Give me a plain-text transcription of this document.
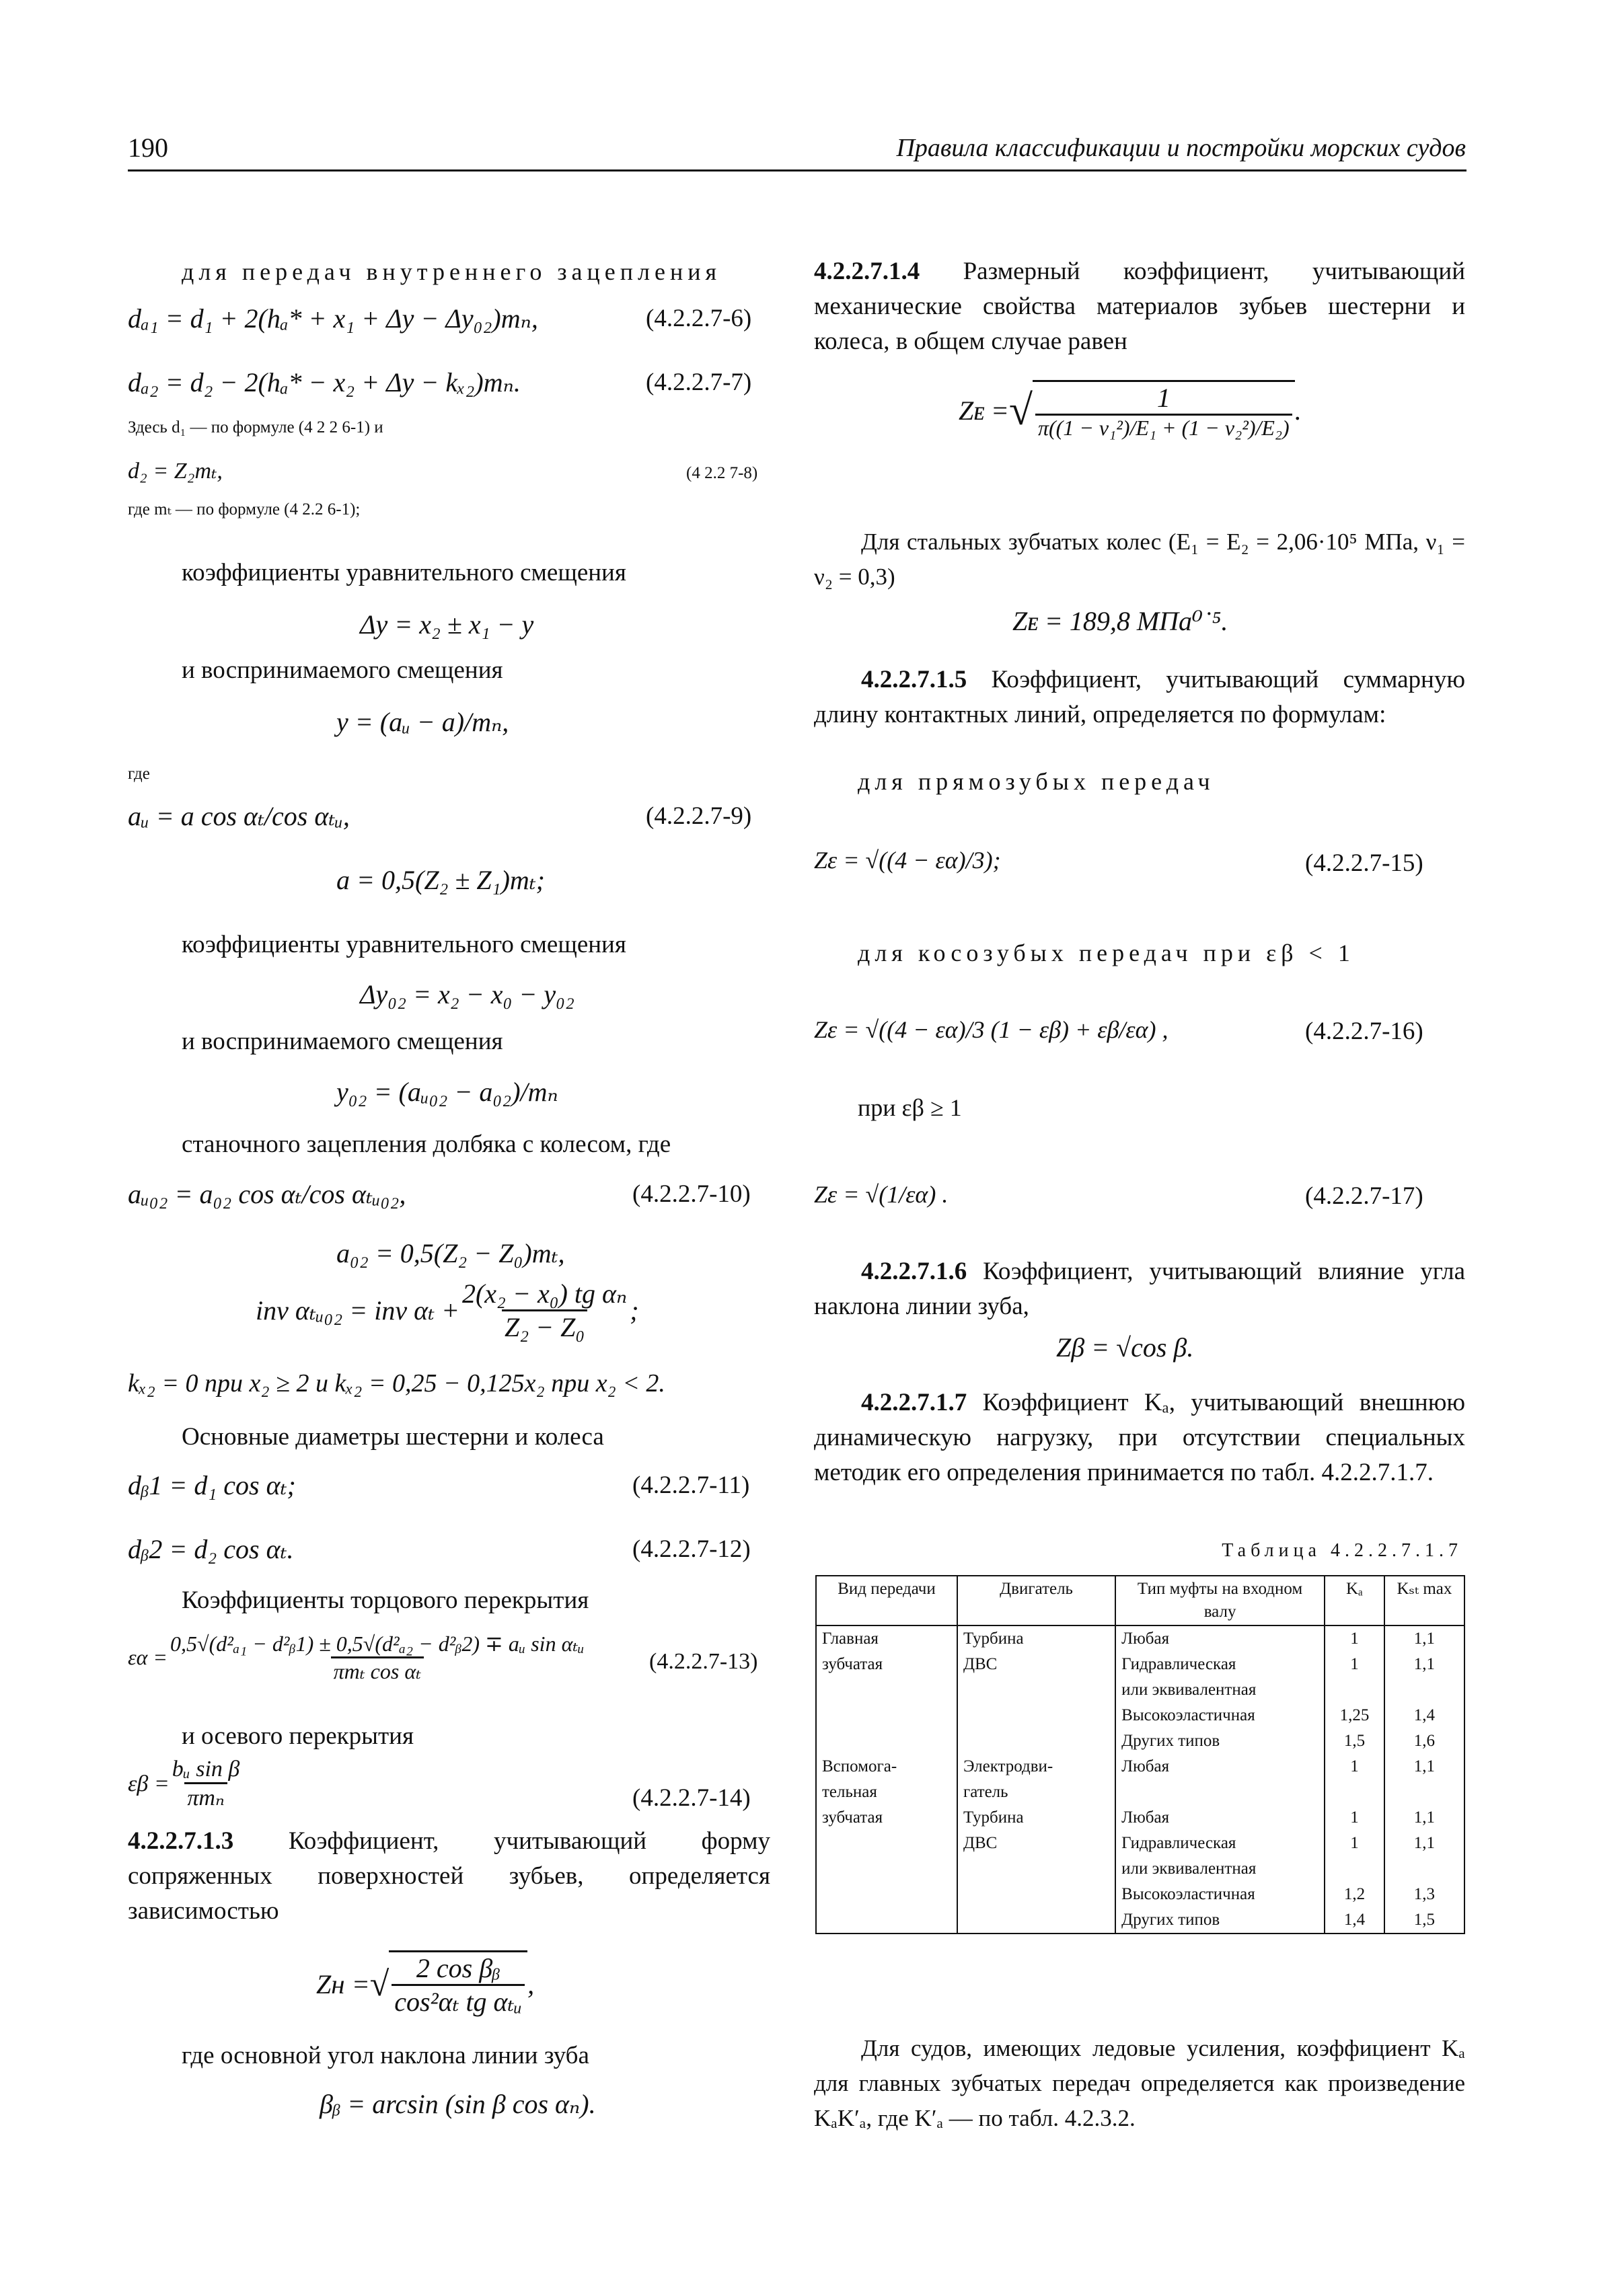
190	Правила классификации и постройки морских судов
для передач внутреннего зацепления
dₐ₁ = d₁ + 2(hₐ* + x₁ + Δy − Δy₀₂)mₙ,	(4.2.2.7-6)
dₐ₂ = d₂ − 2(hₐ* − x₂ + Δy − kₓ₂)mₙ.	(4.2.2.7-7)
Здесь d₁ — по формуле (4 2 2 6-1) и
d₂ = Z₂mₜ,	(4 2.2 7-8)
где mₜ — по формуле (4 2.2 6-1);
коэффициенты уравнительного смещения
Δy = x₂ ± x₁ − y
и воспринимаемого смещения
y = (aᵤ − a)/mₙ,
где
aᵤ = a cos αₜ/cos αₜᵤ,	(4.2.2.7-9)
a = 0,5(Z₂ ± Z₁)mₜ;
коэффициенты уравнительного смещения
Δy₀₂ = x₂ − x₀ − y₀₂
и воспринимаемого смещения
y₀₂ = (aᵤ₀₂ − a₀₂)/mₙ
станочного зацепления долбяка с колесом, где
aᵤ₀₂ = a₀₂ cos αₜ/cos αₜᵤ₀₂,	(4.2.2.7-10)
a₀₂ = 0,5(Z₂ − Z₀)mₜ,
inv αₜᵤ₀₂ = inv $\alpha_t + \frac{\text{2(x₂ − x₀) tg αₙ}}{\text{Z₂ − Z₀}}$ ;
kₓ₂ = 0 при x₂ ≥ 2 и kₓ₂ = 0,25 − 0,125x₂ при x₂ < 2.
Основные диаметры шестерни и колеса
dᵦ1 = d₁ cos αₜ;	(4.2.2.7-11)
dᵦ2 = d₂ cos αₜ.	(4.2.2.7-12)
Коэффициенты торцового перекрытия
$\varepsilon\alpha = \frac{\text{0,5√(d²ₐ₁ − d²ᵦ1) ± 0,5√(d²ₐ₂ − d²ᵦ2) ∓ aᵤ sin αₜᵤ}}{\text{πmₜ cos αₜ}}$	(4.2.2.7-13)
и осевого перекрытия
$\varepsilon\beta = \frac{\text{bᵤ sin β}}{\text{πmₙ}}$	(4.2.2.7-14)
4.2.2.7.1.3 Коэффициент, учитывающий форму сопряженных поверхностей зубьев, определяется зависимостью
Zʜ = √ $\frac{\text{2 cos βᵦ}}{\text{cos²αₜ tg αₜᵤ}}$ ,
где основной угол наклона линии зуба
βᵦ = arcsin (sin β cos αₙ).
4.2.2.7.1.4 Размерный коэффициент, учитывающий механические свойства материалов зубьев шестерни и колеса, в общем случае равен
Zᴇ = √ $\frac{1}{\text{π((1 − ν₁²)/E₁ + (1 − ν₂²)/E₂)}}$ .
Для стальных зубчатых колес (E₁ = E₂ = 2,06·10⁵ МПа, ν₁ = ν₂ = 0,3)
Zᴇ = 189,8 МПа⁰˙⁵.
4.2.2.7.1.5 Коэффициент, учитывающий суммарную длину контактных линий, определяется по формулам:
для прямозубых передач
Zε = √((4 − εα)/3);	(4.2.2.7-15)
для косозубых передач при εβ < 1
Zε = √((4 − εα)/3 (1 − εβ) + εβ/εα) ,	(4.2.2.7-16)
при εβ ≥ 1
Zε = √(1/εα) .	(4.2.2.7-17)
4.2.2.7.1.6 Коэффициент, учитывающий влияние угла наклона линии зуба,
Zβ = √cos β.
4.2.2.7.1.7 Коэффициент Kₐ, учитывающий внешнюю динамическую нагрузку, при отсутствии специальных методик его определения принимается по табл. 4.2.2.7.1.7.
Таблица 4.2.2.7.1.7
Вид передачи	Двигатель	Тип муфты на входном валу	Kₐ	Kₛₜ max
Главная	Турбина	Любая	1	1,1
зубчатая	ДВС	Гидравлическая	1	1,1
		или эквивалентная		
		Высокоэластичная	1,25	1,4
		Других типов	1,5	1,6
Вспомога-	Электродви-	Любая	1	1,1
тельная	гатель			
зубчатая	Турбина	Любая	1	1,1
	ДВС	Гидравлическая	1	1,1
		или эквивалентная		
		Высокоэластичная	1,2	1,3
		Других типов	1,4	1,5
Для судов, имеющих ледовые усиления, коэффициент Kₐ для главных зубчатых передач определяется как произведение KₐK′ₐ, где K′ₐ — по табл. 4.2.3.2.
